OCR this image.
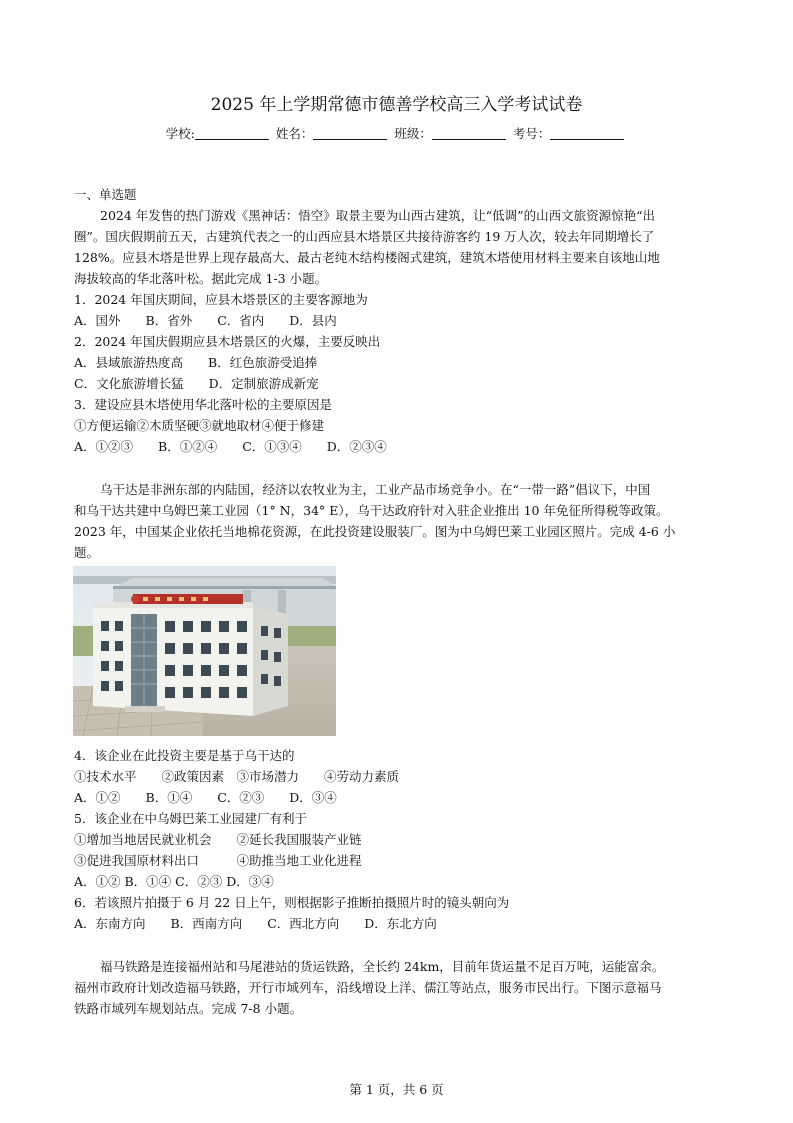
2025 年上学期常德市德善学校高三入学考试试卷
学校:	姓名：	班级：	考号：
一、单选题
2024 年发售的热门游戏《黑神话：悟空》取景主要为山西古建筑，让“低调”的山西文旅资源惊艳“出
圈”。国庆假期前五天，古建筑代表之一的山西应县木塔景区共接待游客约 19 万人次，较去年同期增长了
128%。应县木塔是世界上现存最高大、最古老纯木结构楼阁式建筑，建筑木塔使用材料主要来自该地山地
海拔较高的华北落叶松。据此完成 1-3 小题。
1．2024 年国庆期间，应县木塔景区的主要客源地为
A．国外　　B．省外　　C．省内　　D．县内
2．2024 年国庆假期应县木塔景区的火爆，主要反映出
A．县域旅游热度高　　B．红色旅游受追捧
C．文化旅游增长猛　　D．定制旅游成新宠
3．建设应县木塔使用华北落叶松的主要原因是
①方便运输②木质坚硬③就地取材④便于修建
A．①②③　　B．①②④　　C．①③④　　D．②③④
乌干达是非洲东部的内陆国，经济以农牧业为主，工业产品市场竞争小。在“一带一路”倡议下，中国
和乌干达共建中乌姆巴莱工业园（1° N，34° E），乌干达政府针对入驻企业推出 10 年免征所得税等政策。
2023 年，中国某企业依托当地棉花资源，在此投资建设服装厂。图为中乌姆巴莱工业园区照片。完成 4-6 小
题。
4．该企业在此投资主要是基于乌干达的
①技术水平　　②政策因素　③市场潜力　　④劳动力素质
A．①②　　B．①④　　C．②③　　D．③④
5．该企业在中乌姆巴莱工业园建厂有利于
①增加当地居民就业机会　　②延长我国服装产业链
③促进我国原材料出口　　　④助推当地工业化进程
A．①② B．①④ C．②③ D．③④
6．若该照片拍摄于 6 月 22 日上午，则根据影子推断拍摄照片时的镜头朝向为
A．东南方向　　B．西南方向　　C．西北方向　　D．东北方向
福马铁路是连接福州站和马尾港站的货运铁路，全长约 24km，目前年货运量不足百万吨，运能富余。
福州市政府计划改造福马铁路，开行市域列车，沿线增设上洋、儒江等站点，服务市民出行。下图示意福马
铁路市域列车规划站点。完成 7-8 小题。
第 1 页，共 6 页
